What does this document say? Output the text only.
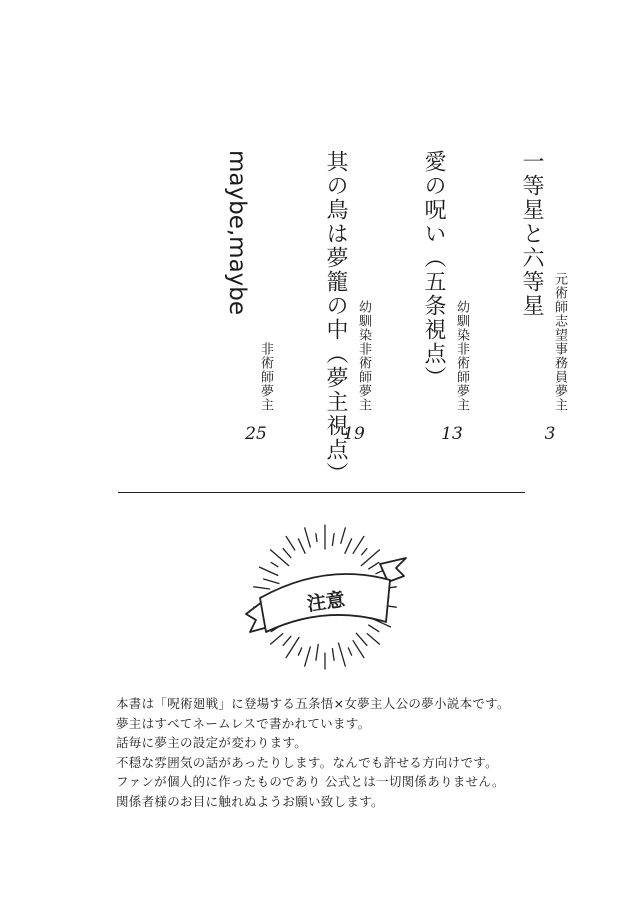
一等星と六等星
元術師志望事務員夢主
3
愛の呪い（五条視点） 幼馴染非術師夢主
13
其の鳥は夢籠の中（夢主視点） 幼馴染非術師夢主
19
maybe,maybe
非術師夢主
25
注意
本書は「呪術廻戦」に登場する五条悟×女夢主人公の夢小説本です。
夢主はすべてネームレスで書かれています。
話毎に夢主の設定が変わります。
不穏な雰囲気の話があったりします。なんでも許せる方向けです。
ファンが個人的に作ったものであり 公式とは一切関係ありません。
関係者様のお目に触れぬようお願い致します。
